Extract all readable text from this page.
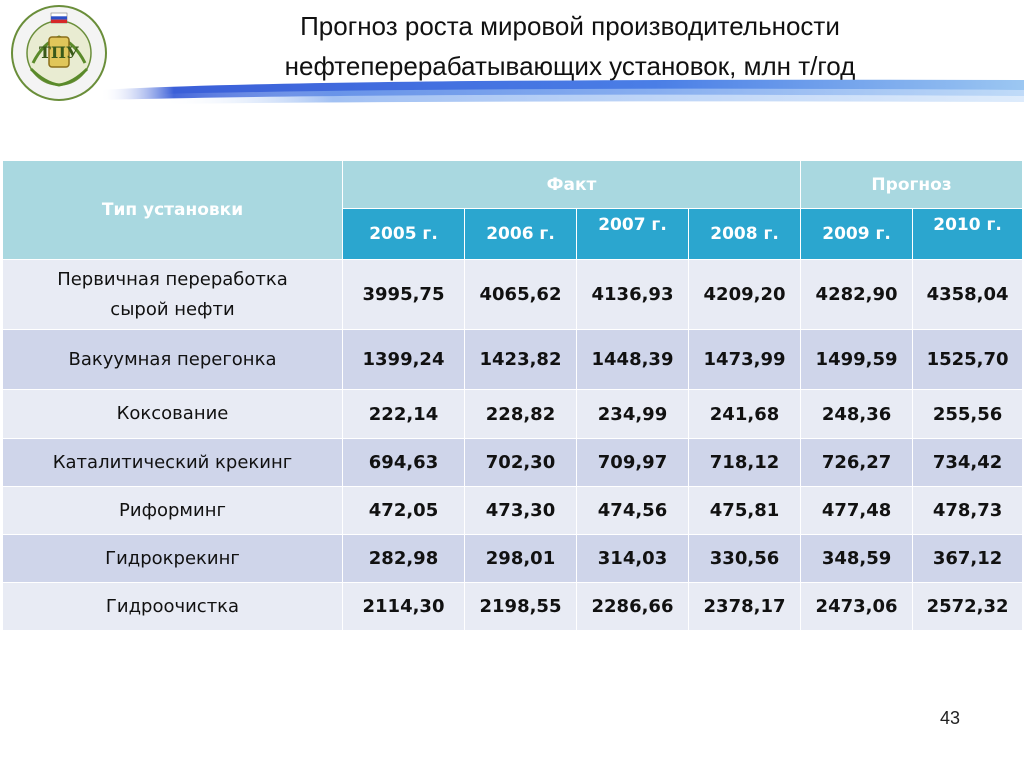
ТПУ
Прогноз роста мировой производительности
нефтеперерабатывающих установок, млн т/год
Тип установки	Факт				Прогноз	
	2005 г.	2006 г.	2007 г.	2008 г.	2009 г.	2010 г.

Первичная переработка
сырой нефти	3995,75	4065,62	4136,93	4209,20	4282,90	4358,04
Вакуумная перегонка	1399,24	1423,82	1448,39	1473,99	1499,59	1525,70
Коксование	222,14	228,82	234,99	241,68	248,36	255,56
Каталитический крекинг	694,63	702,30	709,97	718,12	726,27	734,42
Риформинг	472,05	473,30	474,56	475,81	477,48	478,73
Гидрокрекинг	282,98	298,01	314,03	330,56	348,59	367,12
Гидроочистка	2114,30	2198,55	2286,66	2378,17	2473,06	2572,32
43
